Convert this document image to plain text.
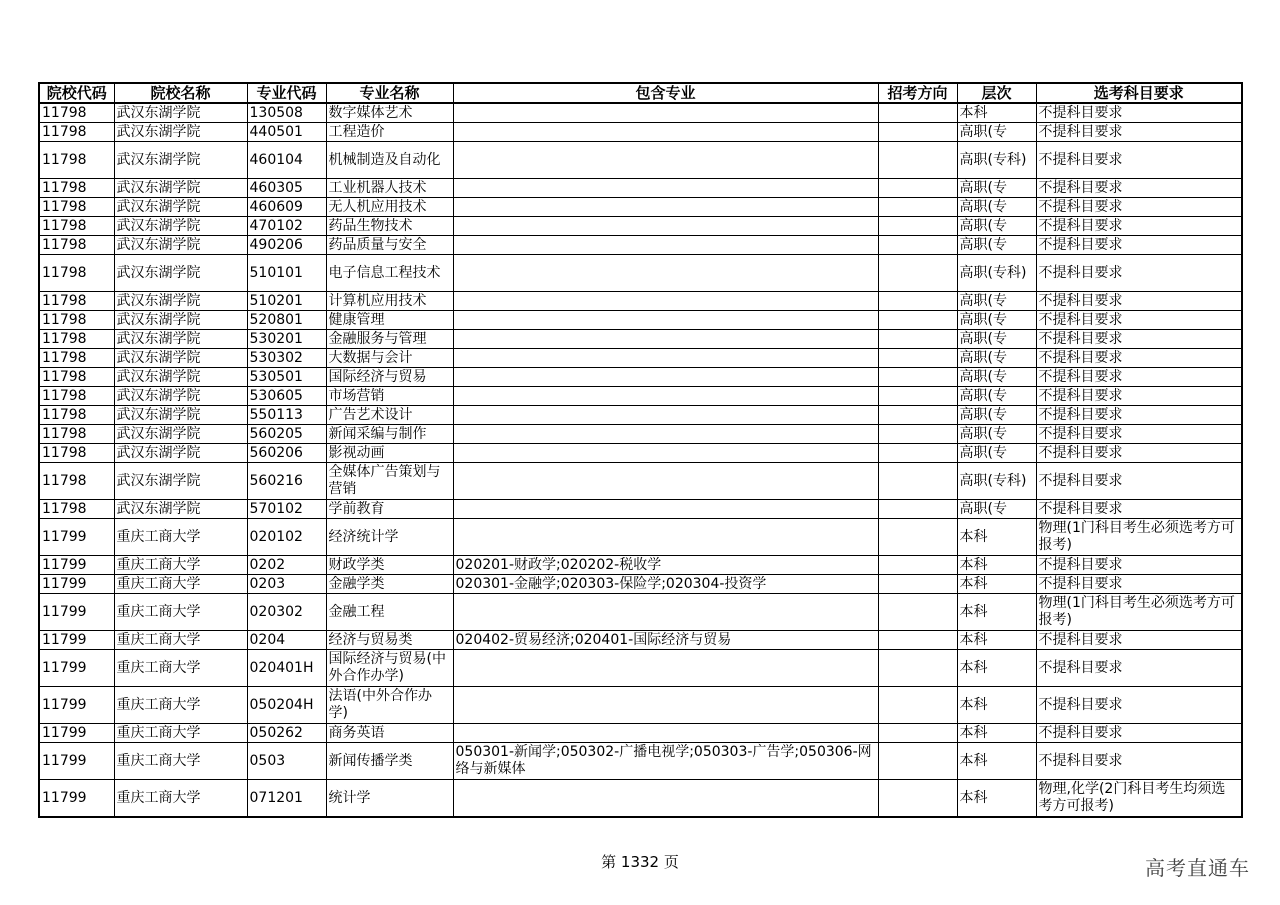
院校代码	院校名称	专业代码	专业名称	包含专业	招考方向	层次	选考科目要求
11798	武汉东湖学院	130508	数字媒体艺术			本科	不提科目要求
11798	武汉东湖学院	440501	工程造价			高职(专	不提科目要求
11798	武汉东湖学院	460104	机械制造及自动化			高职(专科)	不提科目要求
11798	武汉东湖学院	460305	工业机器人技术			高职(专	不提科目要求
11798	武汉东湖学院	460609	无人机应用技术			高职(专	不提科目要求
11798	武汉东湖学院	470102	药品生物技术			高职(专	不提科目要求
11798	武汉东湖学院	490206	药品质量与安全			高职(专	不提科目要求
11798	武汉东湖学院	510101	电子信息工程技术			高职(专科)	不提科目要求
11798	武汉东湖学院	510201	计算机应用技术			高职(专	不提科目要求
11798	武汉东湖学院	520801	健康管理			高职(专	不提科目要求
11798	武汉东湖学院	530201	金融服务与管理			高职(专	不提科目要求
11798	武汉东湖学院	530302	大数据与会计			高职(专	不提科目要求
11798	武汉东湖学院	530501	国际经济与贸易			高职(专	不提科目要求
11798	武汉东湖学院	530605	市场营销			高职(专	不提科目要求
11798	武汉东湖学院	550113	广告艺术设计			高职(专	不提科目要求
11798	武汉东湖学院	560205	新闻采编与制作			高职(专	不提科目要求
11798	武汉东湖学院	560206	影视动画			高职(专	不提科目要求
11798	武汉东湖学院	560216	全媒体广告策划与营销			高职(专科)	不提科目要求
11798	武汉东湖学院	570102	学前教育			高职(专	不提科目要求
11799	重庆工商大学	020102	经济统计学			本科	物理(1门科目考生必须选考方可报考)
11799	重庆工商大学	0202	财政学类	020201-财政学;020202-税收学		本科	不提科目要求
11799	重庆工商大学	0203	金融学类	020301-金融学;020303-保险学;020304-投资学		本科	不提科目要求
11799	重庆工商大学	020302	金融工程			本科	物理(1门科目考生必须选考方可报考)
11799	重庆工商大学	0204	经济与贸易类	020402-贸易经济;020401-国际经济与贸易		本科	不提科目要求
11799	重庆工商大学	020401H	国际经济与贸易(中外合作办学)			本科	不提科目要求
11799	重庆工商大学	050204H	法语(中外合作办学)			本科	不提科目要求
11799	重庆工商大学	050262	商务英语			本科	不提科目要求
11799	重庆工商大学	0503	新闻传播学类	050301-新闻学;050302-广播电视学;050303-广告学;050306-网络与新媒体		本科	不提科目要求
11799	重庆工商大学	071201	统计学			本科	物理,化学(2门科目考生均须选考方可报考)
第 1332 页	高考直通车
